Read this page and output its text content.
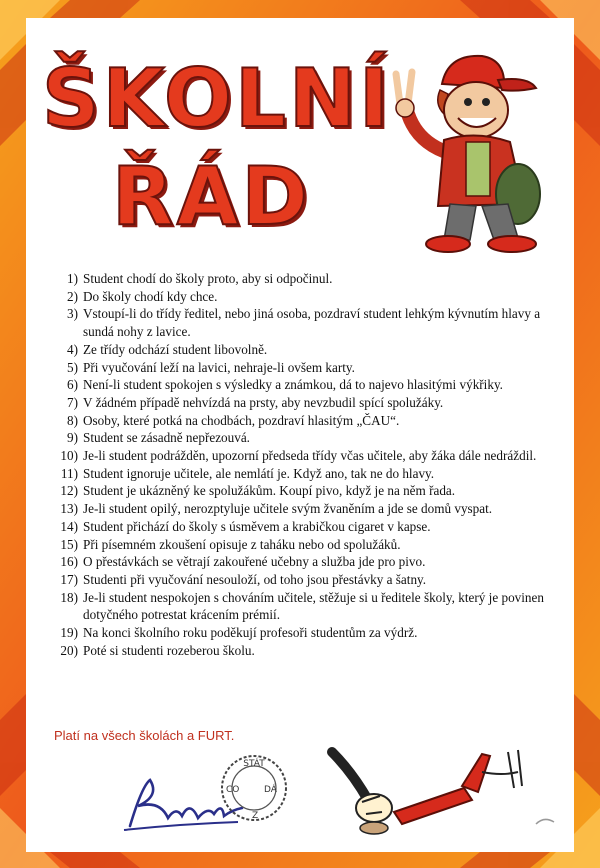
ŠKOLNÍ
ŘÁD
1) Student chodí do školy proto, aby si odpočinul.
2) Do školy chodí kdy chce.
3) Vstoupí-li do třídy ředitel, nebo jiná osoba, pozdraví student lehkým kývnutím hlavy a sundá nohy z lavice.
4) Ze třídy odchází student libovolně.
5) Při vyučování leží na lavici, nehraje-li ovšem karty.
6) Není-li student spokojen s výsledky a známkou, dá to najevo hlasitými výkřiky.
7) V žádném případě nehvízdá na prsty, aby nevzbudil spící spolužáky.
8) Osoby, které potká na chodbách, pozdraví hlasitým „ČAU“.
9) Student se zásadně nepřezouvá.
10) Je-li student podrážděn, upozorní předseda třídy včas učitele, aby žáka dále nedráždil.
11) Student ignoruje učitele, ale nemlátí je. Když ano, tak ne do hlavy.
12) Student je ukázněný ke spolužákům. Koupí pivo, když je na něm řada.
13) Je-li student opilý, nerozptyluje učitele svým žvaněním a jde se domů vyspat.
14) Student přichází do školy s úsměvem a krabičkou cigaret v kapse.
15) Při písemném zkoušení opisuje z taháku nebo od spolužáků.
16) O přestávkách se větrají zakouřené učebny a služba jde pro pivo.
17) Studenti při vyučování nesouloží, od toho jsou přestávky a šatny.
18) Je-li student nespokojen s chováním učitele, stěžuje si u ředitele školy, který je povinen dotyčného potrestat krácením prémií.
19) Na konci školního roku poděkují profesoři studentům za výdrž.
20) Poté si studenti rozeberou školu.
Platí na všech školách a FURT.
STÁT
CO	DÁ
Z
